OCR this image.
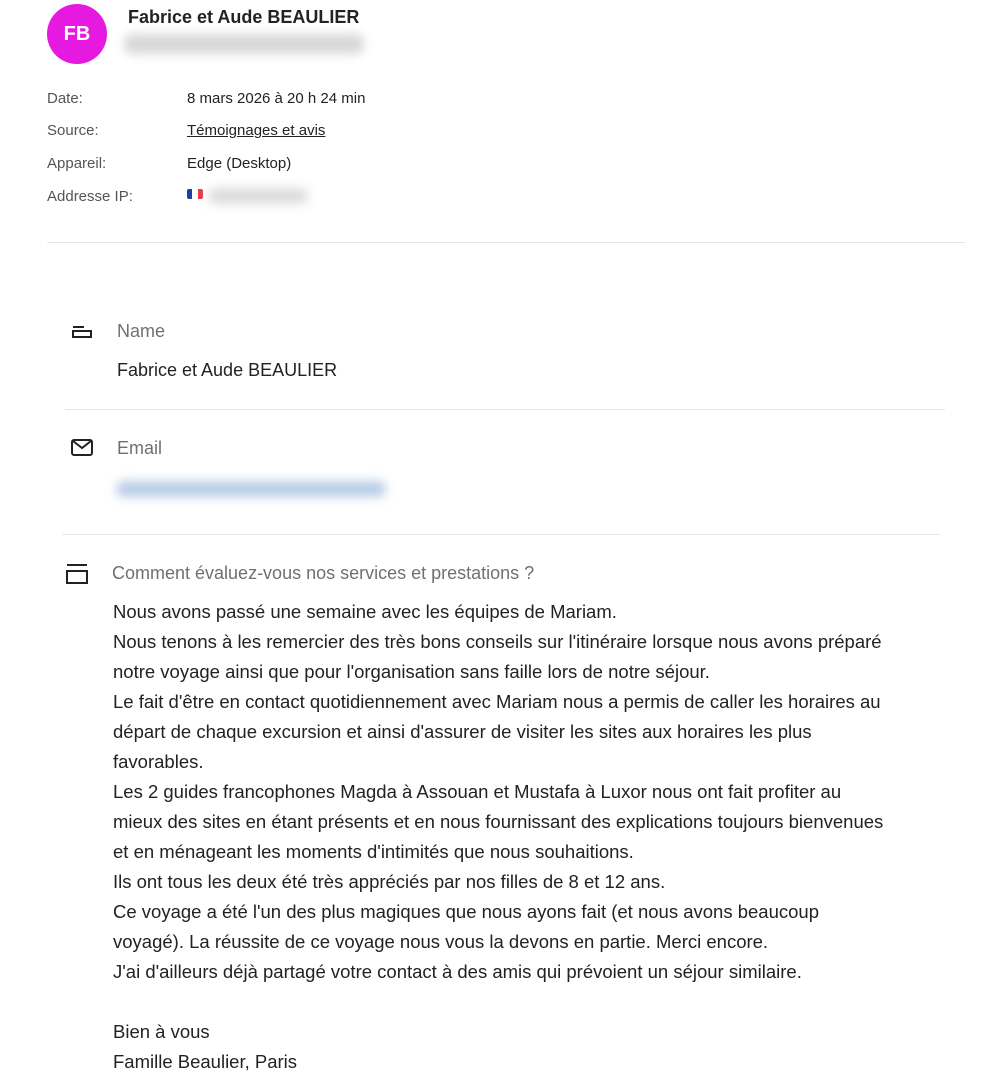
FB
Fabrice et Aude BEAULIER
Date:	8 mars 2026 à 20 h 24 min
Source:	Témoignages et avis
Appareil:	Edge (Desktop)
Addresse IP:
Name
Fabrice et Aude BEAULIER
Email
Comment évaluez-vous nos services et prestations ?
Nous avons passé une semaine avec les équipes de Mariam.
Nous tenons à les remercier des très bons conseils sur l'itinéraire lorsque nous avons préparé
notre voyage ainsi que pour l'organisation sans faille lors de notre séjour.
Le fait d'être en contact quotidiennement avec Mariam nous a permis de caller les horaires au
départ de chaque excursion et ainsi d'assurer de visiter les sites aux horaires les plus
favorables.
Les 2 guides francophones Magda à Assouan et Mustafa à Luxor nous ont fait profiter au
mieux des sites en étant présents et en nous fournissant des explications toujours bienvenues
et en ménageant les moments d'intimités que nous souhaitions.
Ils ont tous les deux été très appréciés par nos filles de 8 et 12 ans.
Ce voyage a été l'un des plus magiques que nous ayons fait (et nous avons beaucoup
voyagé). La réussite de ce voyage nous vous la devons en partie. Merci encore.
J'ai d'ailleurs déjà partagé votre contact à des amis qui prévoient un séjour similaire.
Bien à vous
Famille Beaulier, Paris
